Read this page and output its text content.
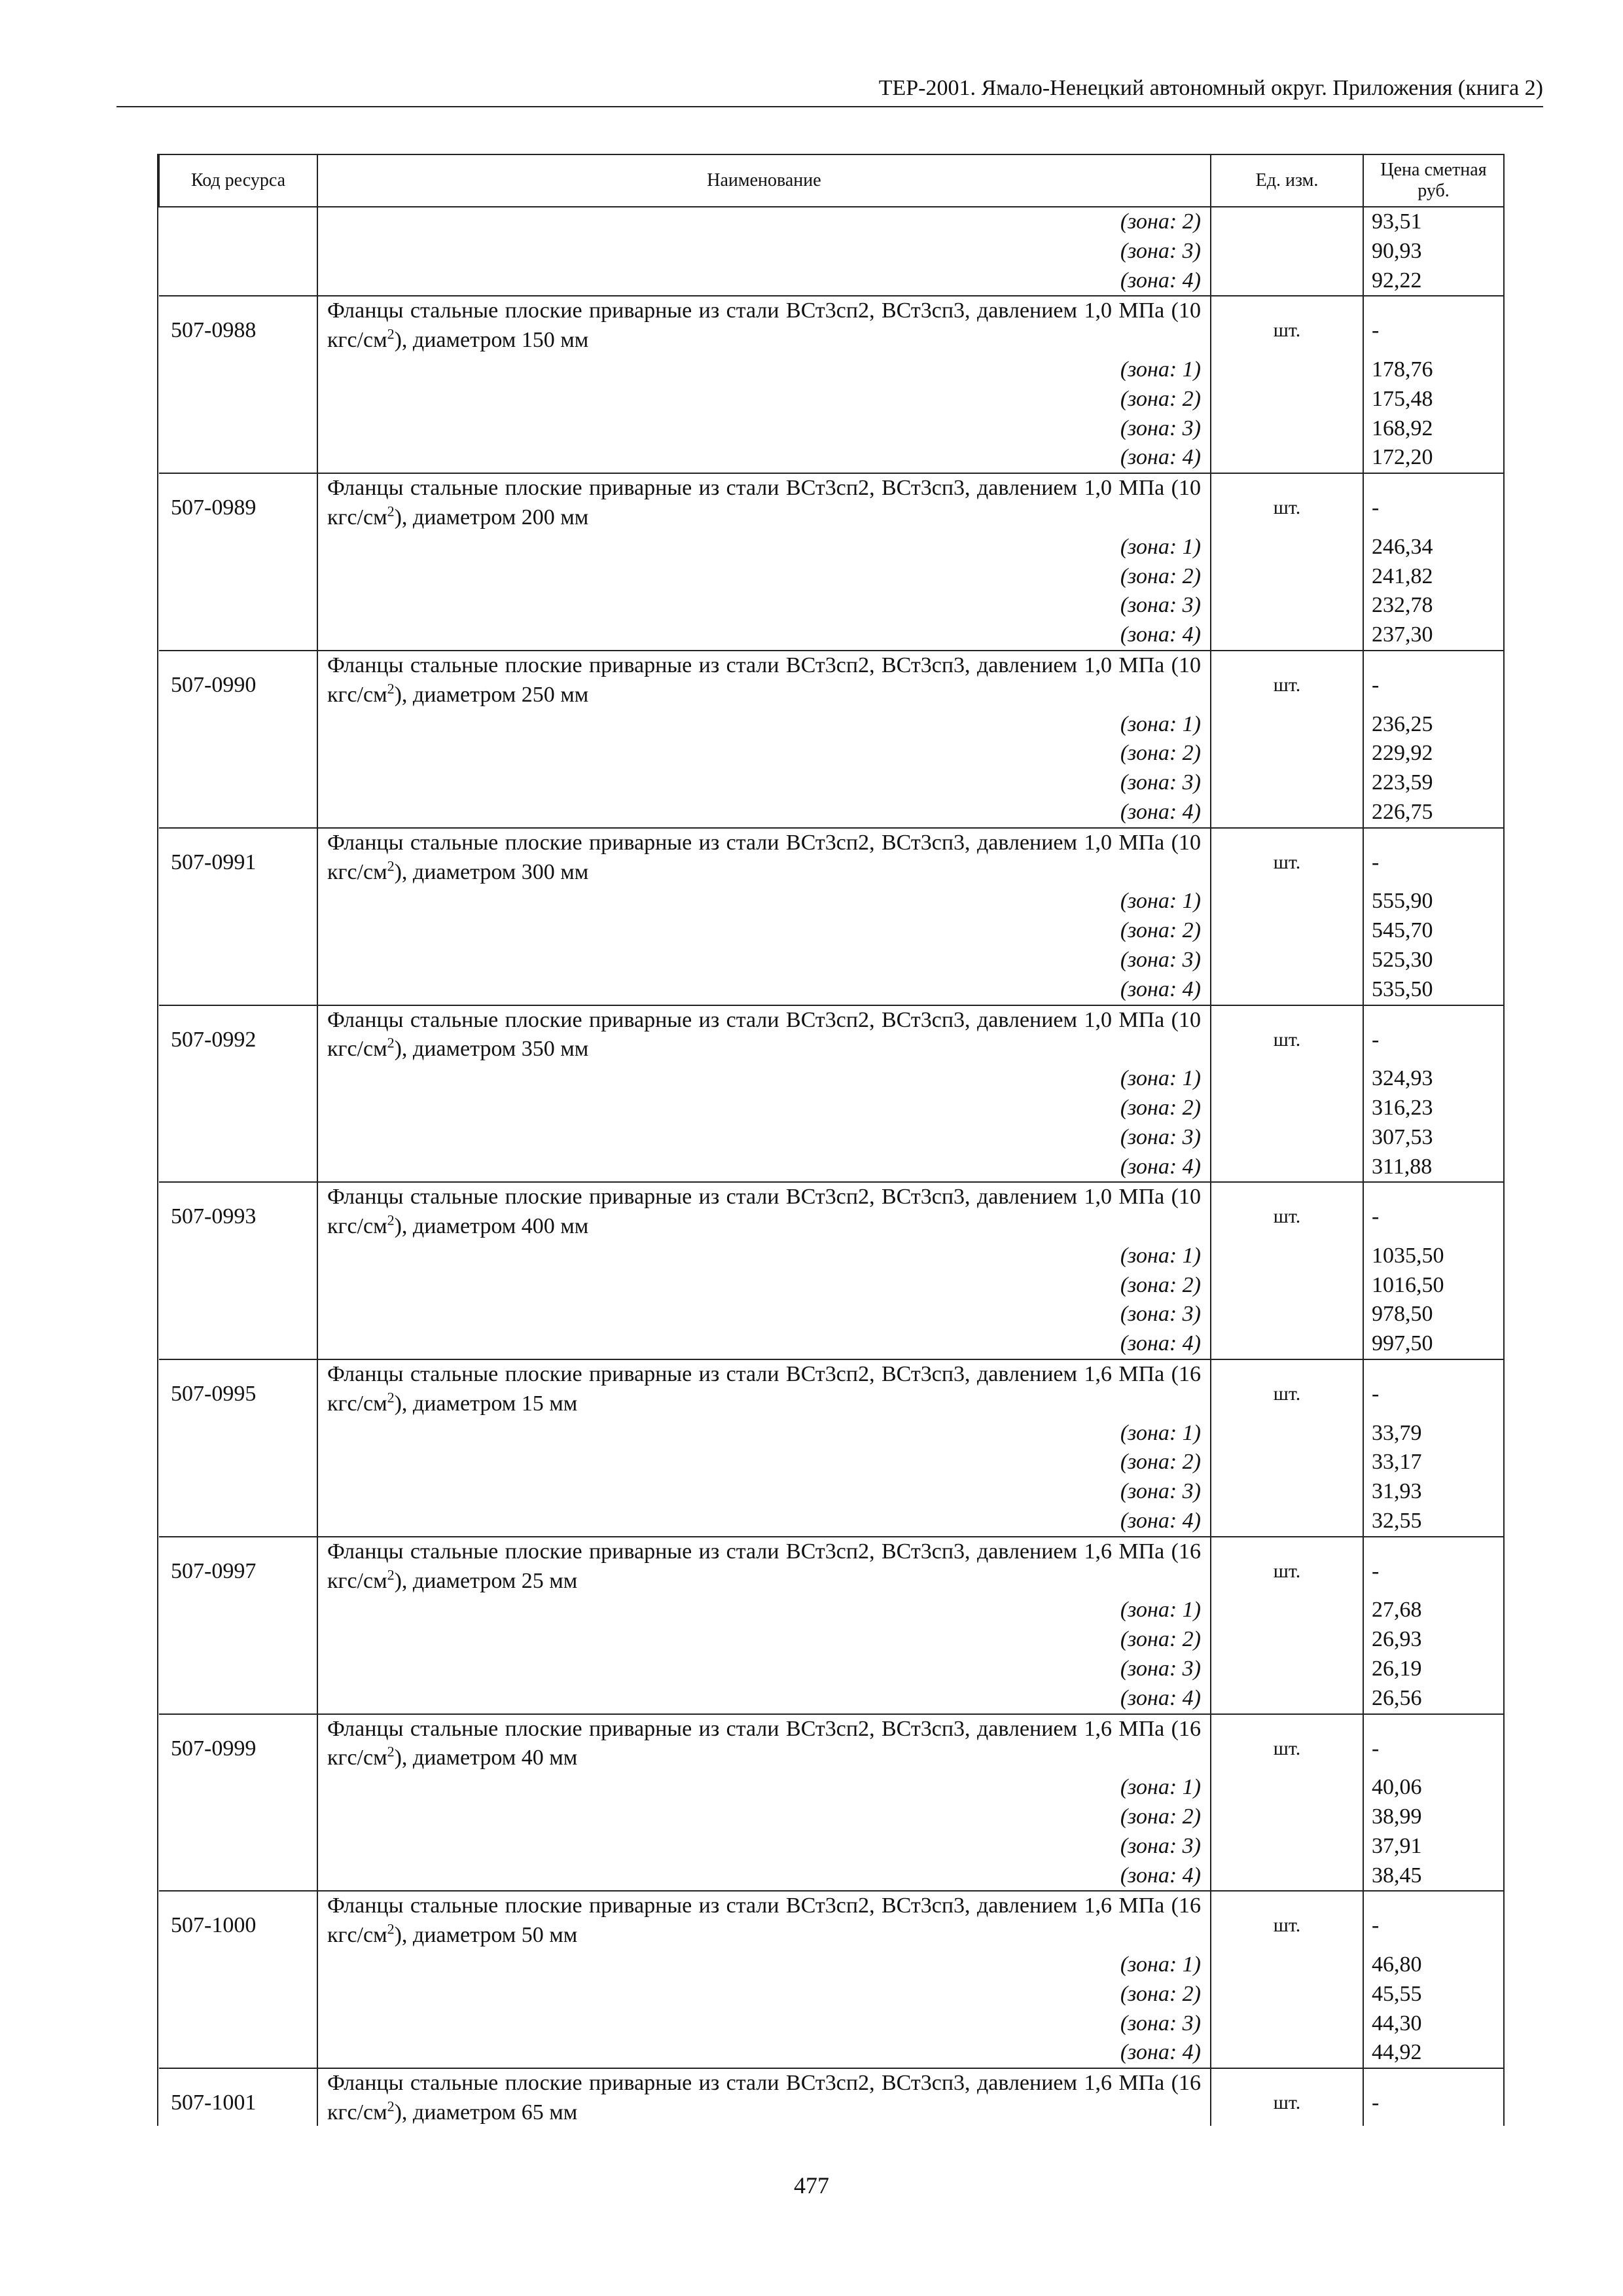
ТЕР-2001. Ямало-Ненецкий автономный округ. Приложения (книга 2)
Код ресурса	Наименование	Ед. изм.	Цена сметная руб.
	(зона: 2)		93,51
	(зона: 3)		90,93
	(зона: 4)		92,22
507-0988	Фланцы стальные плоские приварные из стали ВСт3сп2, ВСт3сп3, давлением 1,0 МПа (10 кгс/$см^2$), диаметром 150 мм	шт.	-
	(зона: 1)		178,76
	(зона: 2)		175,48
	(зона: 3)		168,92
	(зона: 4)		172,20
507-0989	Фланцы стальные плоские приварные из стали ВСт3сп2, ВСт3сп3, давлением 1,0 МПа (10 кгс/$см^2$), диаметром 200 мм	шт.	-
	(зона: 1)		246,34
	(зона: 2)		241,82
	(зона: 3)		232,78
	(зона: 4)		237,30
507-0990	Фланцы стальные плоские приварные из стали ВСт3сп2, ВСт3сп3, давлением 1,0 МПа (10 кгс/$см^2$), диаметром 250 мм	шт.	-
	(зона: 1)		236,25
	(зона: 2)		229,92
	(зона: 3)		223,59
	(зона: 4)		226,75
507-0991	Фланцы стальные плоские приварные из стали ВСт3сп2, ВСт3сп3, давлением 1,0 МПа (10 кгс/$см^2$), диаметром 300 мм	шт.	-
	(зона: 1)		555,90
	(зона: 2)		545,70
	(зона: 3)		525,30
	(зона: 4)		535,50
507-0992	Фланцы стальные плоские приварные из стали ВСт3сп2, ВСт3сп3, давлением 1,0 МПа (10 кгс/$см^2$), диаметром 350 мм	шт.	-
	(зона: 1)		324,93
	(зона: 2)		316,23
	(зона: 3)		307,53
	(зона: 4)		311,88
507-0993	Фланцы стальные плоские приварные из стали ВСт3сп2, ВСт3сп3, давлением 1,0 МПа (10 кгс/$см^2$), диаметром 400 мм	шт.	-
	(зона: 1)		1035,50
	(зона: 2)		1016,50
	(зона: 3)		978,50
	(зона: 4)		997,50
507-0995	Фланцы стальные плоские приварные из стали ВСт3сп2, ВСт3сп3, давлением 1,6 МПа (16 кгс/$см^2$), диаметром 15 мм	шт.	-
	(зона: 1)		33,79
	(зона: 2)		33,17
	(зона: 3)		31,93
	(зона: 4)		32,55
507-0997	Фланцы стальные плоские приварные из стали ВСт3сп2, ВСт3сп3, давлением 1,6 МПа (16 кгс/$см^2$), диаметром 25 мм	шт.	-
	(зона: 1)		27,68
	(зона: 2)		26,93
	(зона: 3)		26,19
	(зона: 4)		26,56
507-0999	Фланцы стальные плоские приварные из стали ВСт3сп2, ВСт3сп3, давлением 1,6 МПа (16 кгс/$см^2$), диаметром 40 мм	шт.	-
	(зона: 1)		40,06
	(зона: 2)		38,99
	(зона: 3)		37,91
	(зона: 4)		38,45
507-1000	Фланцы стальные плоские приварные из стали ВСт3сп2, ВСт3сп3, давлением 1,6 МПа (16 кгс/$см^2$), диаметром 50 мм	шт.	-
	(зона: 1)		46,80
	(зона: 2)		45,55
	(зона: 3)		44,30
	(зона: 4)		44,92
507-1001	Фланцы стальные плоские приварные из стали ВСт3сп2, ВСт3сп3, давлением 1,6 МПа (16 кгс/$см^2$), диаметром 65 мм	шт.	-
477
